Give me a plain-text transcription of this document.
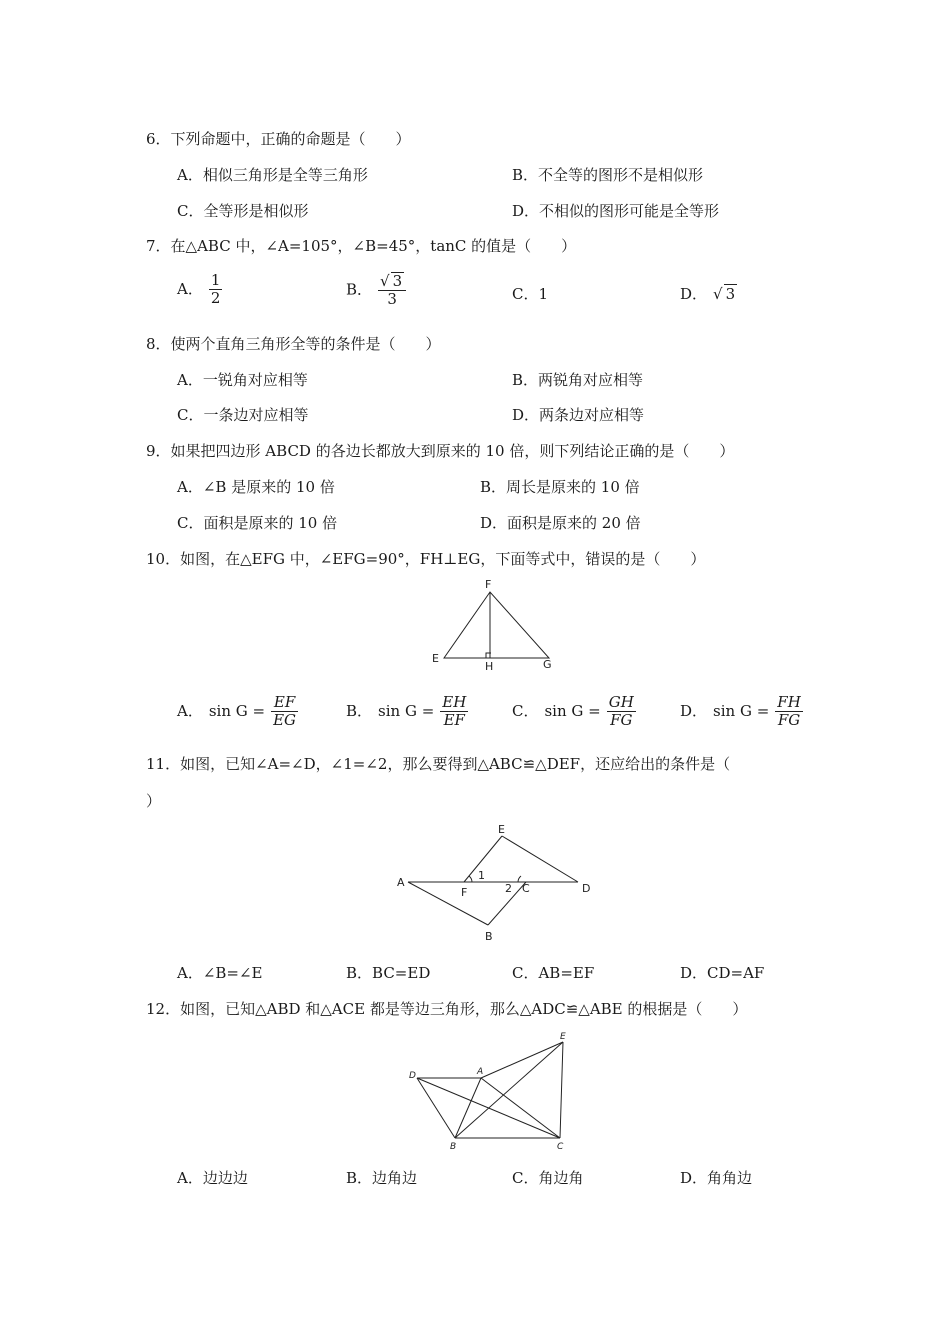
6．下列命题中，正确的命题是（　　）
A．相似三角形是全等三角形	B．不全等的图形不是相似形
C．全等形是相似形	D．不相似的图形可能是全等形
7．在△ABC 中，∠A=105°，∠B=45°，tanC 的值是（　　）
A． $\frac{1}{2}$	B． $\frac{√ 3}{3}$	C．1	D． √ 3
8．使两个直角三角形全等的条件是（　　）
A．一锐角对应相等	B．两锐角对应相等
C．一条边对应相等	D．两条边对应相等
9．如果把四边形 ABCD 的各边长都放大到原来的 10 倍，则下列结论正确的是（　　）
A．∠B 是原来的 10 倍	B．周长是原来的 10 倍
C．面积是原来的 10 倍	D．面积是原来的 20 倍
10．如图，在△EFG 中，∠EFG=90°，FH⊥EG，下面等式中，错误的是（　　）
F
E
H	G
A． $\sin G = \frac{EF}{EG}$	B． $\sin G = \frac{EH}{EF}$	C． $\sin G = \frac{GH}{FG}$	D． $\sin G = \frac{FH}{FG}$
11．如图，已知∠A=∠D，∠1=∠2，那么要得到△ABC≌△DEF，还应给出的条件是（
）
A
E
F
1
2 C	D
B
A．∠B=∠E	B．BC=ED	C．AB=EF	D．CD=AF
12．如图，已知△ABD 和△ACE 都是等边三角形，那么△ADC≌△ABE 的根据是（　　）
D	A
E
B	C
A．边边边	B．边角边	C．角边角	D．角角边
